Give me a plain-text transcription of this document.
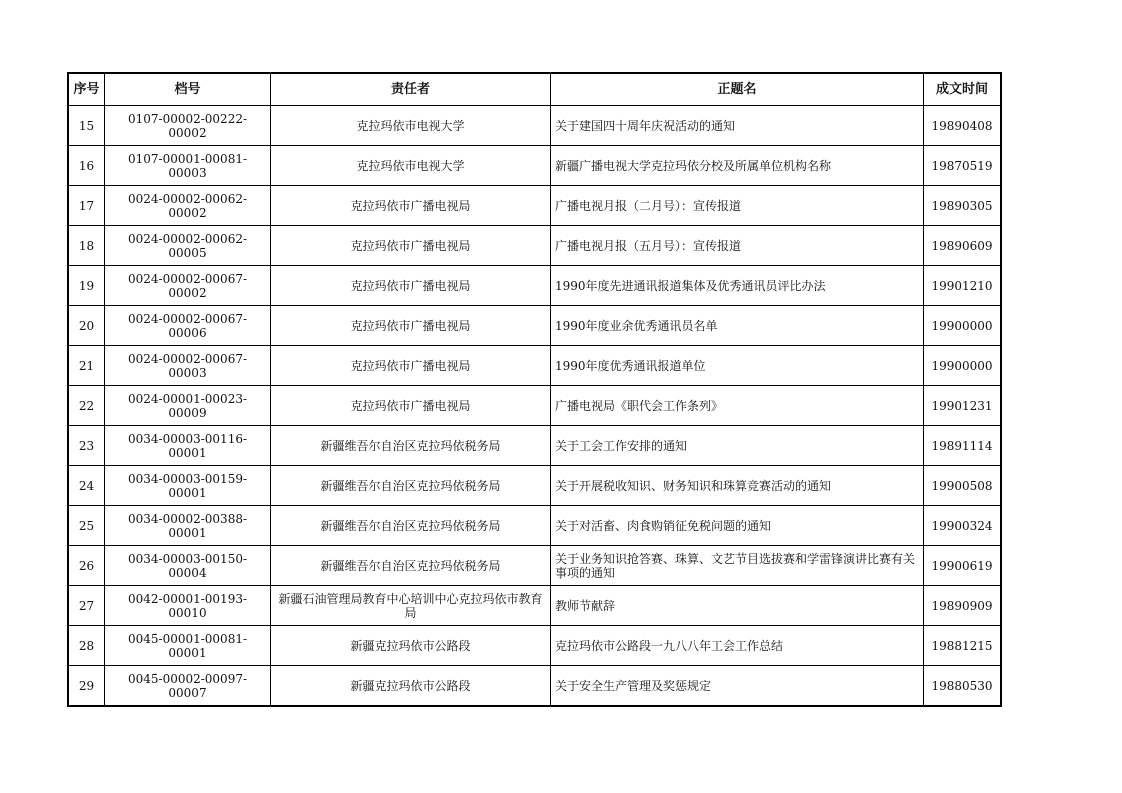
序号	档号	责任者	正题名	成文时间
15	0107-00002-00222-00002	克拉玛依市电视大学	关于建国四十周年庆祝活动的通知	19890408
16	0107-00001-00081-00003	克拉玛依市电视大学	新疆广播电视大学克拉玛依分校及所属单位机构名称	19870519
17	0024-00002-00062-00002	克拉玛依市广播电视局	广播电视月报（二月号）：宣传报道	19890305
18	0024-00002-00062-00005	克拉玛依市广播电视局	广播电视月报（五月号）：宣传报道	19890609
19	0024-00002-00067-00002	克拉玛依市广播电视局	1990年度先进通讯报道集体及优秀通讯员评比办法	19901210
20	0024-00002-00067-00006	克拉玛依市广播电视局	1990年度业余优秀通讯员名单	19900000
21	0024-00002-00067-00003	克拉玛依市广播电视局	1990年度优秀通讯报道单位	19900000
22	0024-00001-00023-00009	克拉玛依市广播电视局	广播电视局《职代会工作条列》	19901231
23	0034-00003-00116-00001	新疆维吾尔自治区克拉玛依税务局	关于工会工作安排的通知	19891114
24	0034-00003-00159-00001	新疆维吾尔自治区克拉玛依税务局	关于开展税收知识、财务知识和珠算竞赛活动的通知	19900508
25	0034-00002-00388-00001	新疆维吾尔自治区克拉玛依税务局	关于对活畜、肉食购销征免税问题的通知	19900324
26	0034-00003-00150-00004	新疆维吾尔自治区克拉玛依税务局	关于业务知识抢答赛、珠算、文艺节目选拔赛和学雷锋演讲比赛有关事项的通知	19900619
27	0042-00001-00193-00010	新疆石油管理局教育中心培训中心克拉玛依市教育局	教师节献辞	19890909
28	0045-00001-00081-00001	新疆克拉玛依市公路段	克拉玛依市公路段一九八八年工会工作总结	19881215
29	0045-00002-00097-00007	新疆克拉玛依市公路段	关于安全生产管理及奖惩规定	19880530
